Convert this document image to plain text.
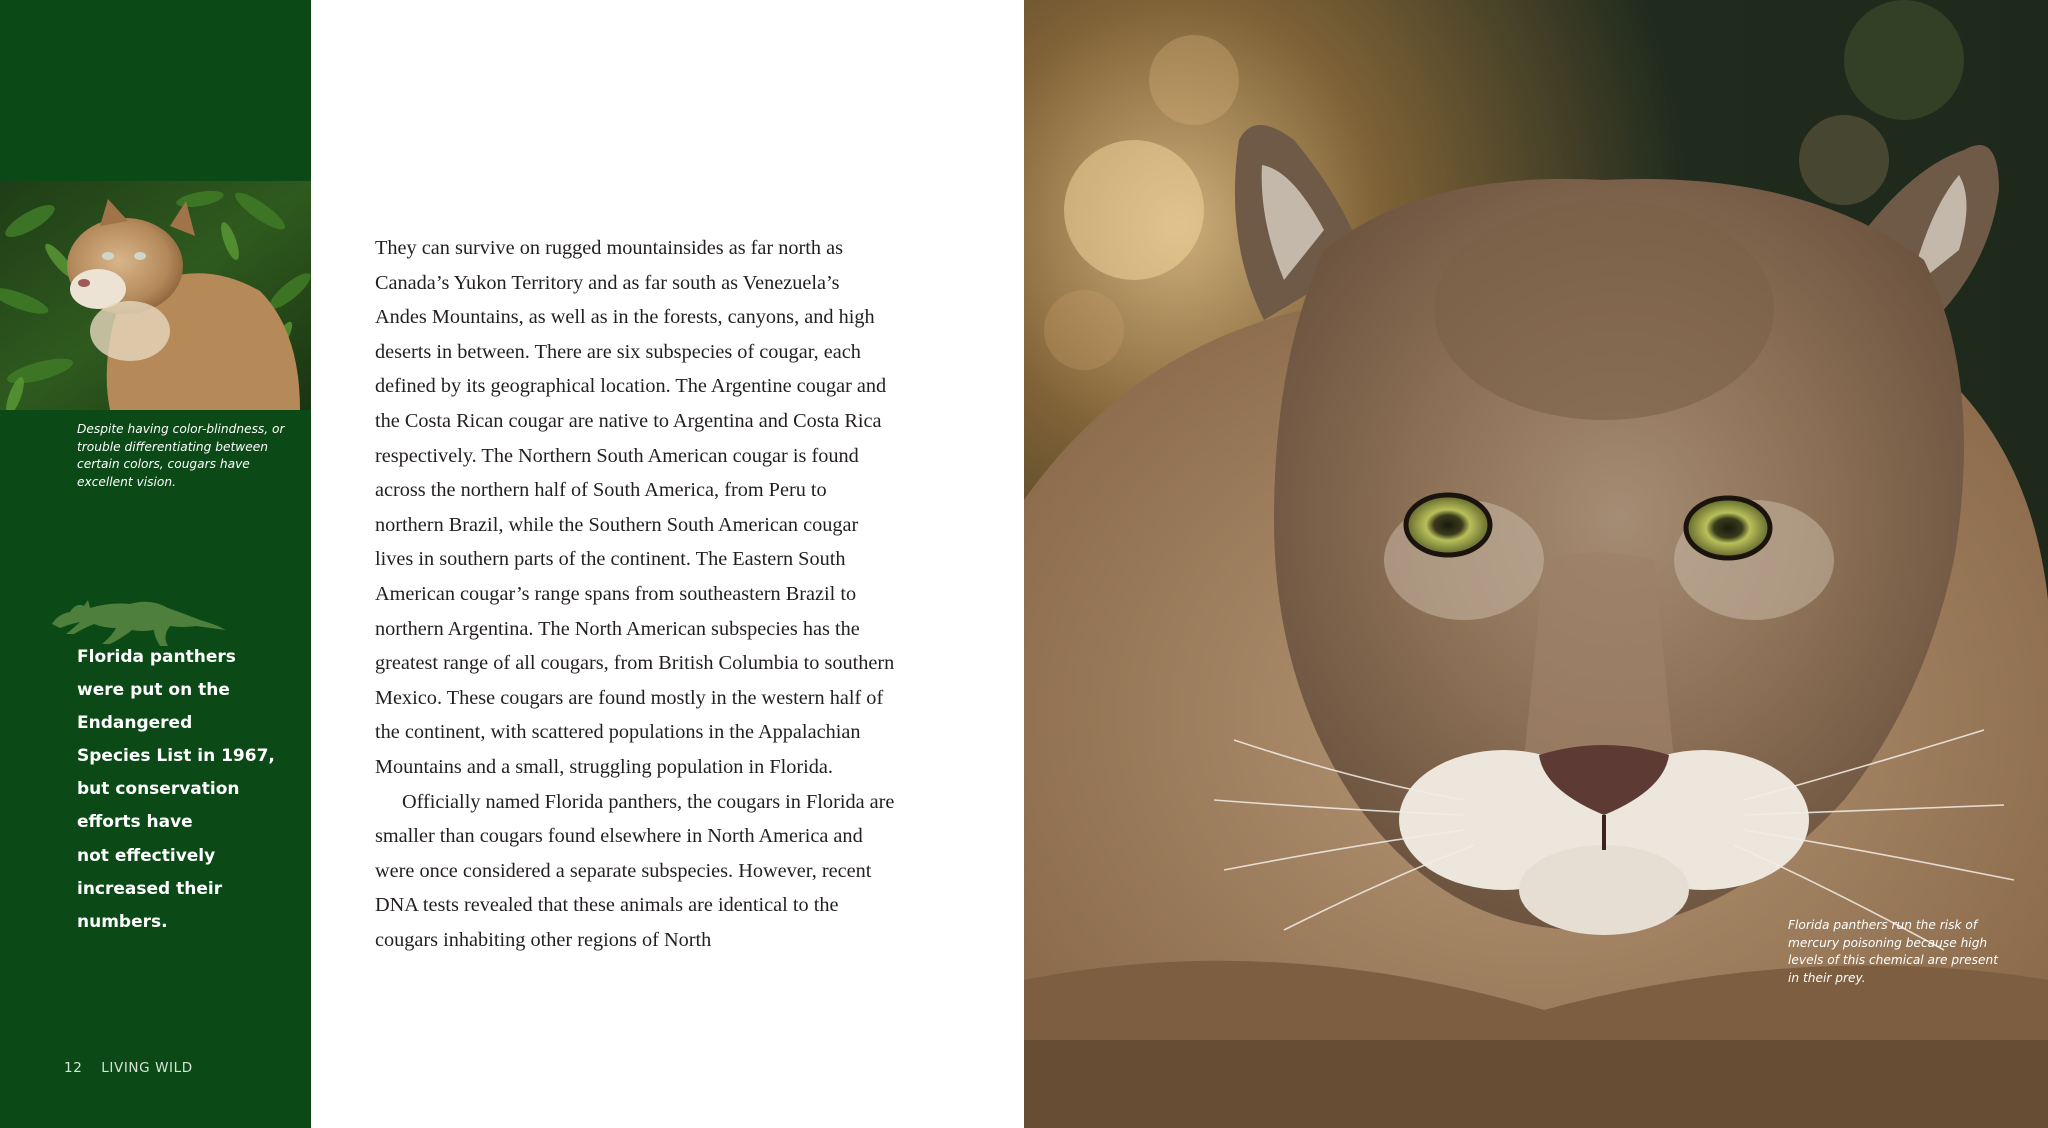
Despite having color-blindness, or trouble differentiating between certain colors, cougars have excellent vision.
Florida panthers
were put on the
Endangered
Species List in 1967,
but conservation
efforts have
not effectively
increased their
numbers.
12 LIVING WILD

They can survive on rugged mountainsides as far north as Canada’s Yukon Territory and as far south as Venezuela’s Andes Mountains, as well as in the forests, canyons, and high deserts in between. There are six subspecies of cougar, each defined by its geographical location. The Argentine cougar and the Costa Rican cougar are native to Argentina and Costa Rica respectively. The Northern South American cougar is found across the northern half of South America, from Peru to northern Brazil, while the Southern South American cougar lives in southern parts of the continent. The Eastern South American cougar’s range spans from southeastern Brazil to northern Argentina. The North American subspecies has the greatest range of all cougars, from British Columbia to southern Mexico. These cougars are found mostly in the western half of the continent, with scattered populations in the Appalachian Mountains and a small, struggling population in Florida.

Officially named Florida panthers, the cougars in Florida are smaller than cougars found elsewhere in North America and were once considered a separate subspecies. However, recent DNA tests revealed that these animals are identical to the cougars inhabiting other regions of North

Florida panthers run the risk of mercury poisoning because high levels of this chemical are present in their prey.
